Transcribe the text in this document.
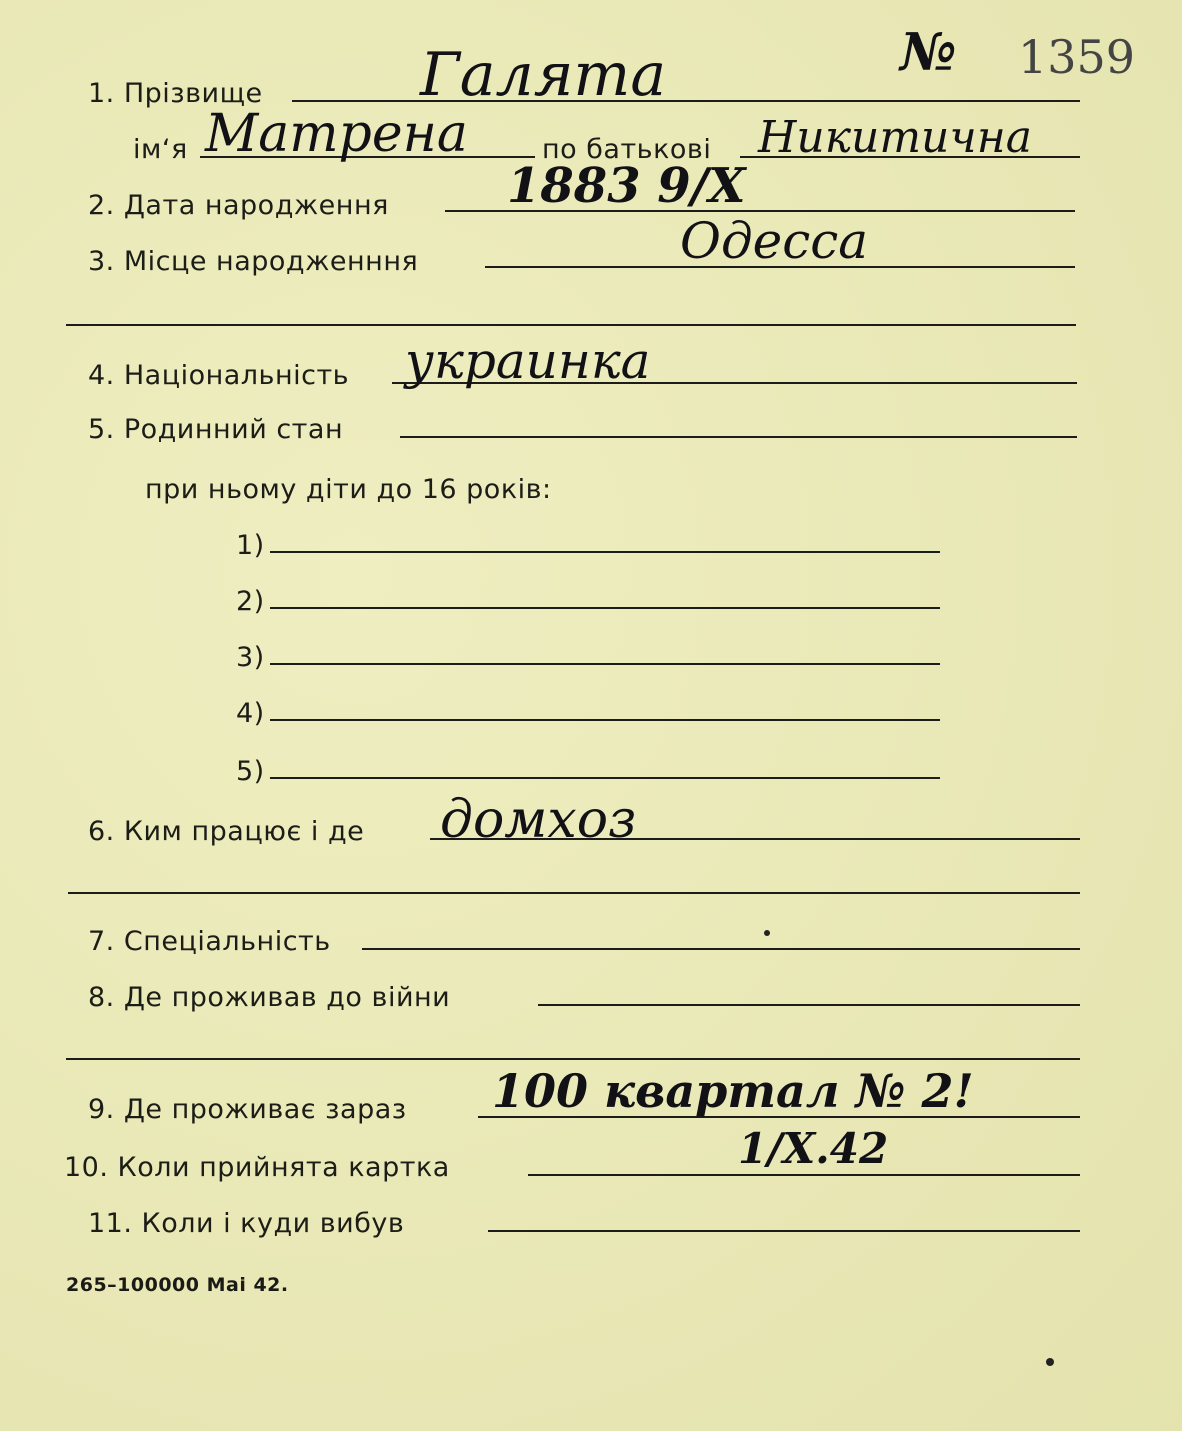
№ 1359
1. Прізвище	Галята
ім‘я Матрена	по батькові Никитична
2. Дата народження 1883 9/X
3. Місце народженння	Одесса
4. Національність украинка
5. Родинний стан
при ньому діти до 16 років:
1)
2)
3)
4)
5)
6. Ким працює і де домхоз
7. Спеціальність
8. Де проживав до війни
9. Де проживає зараз 100 квартал № 2!
10. Коли прийнята картка	1/X.42
11. Коли і куди вибув
265–100000 Mai 42.
